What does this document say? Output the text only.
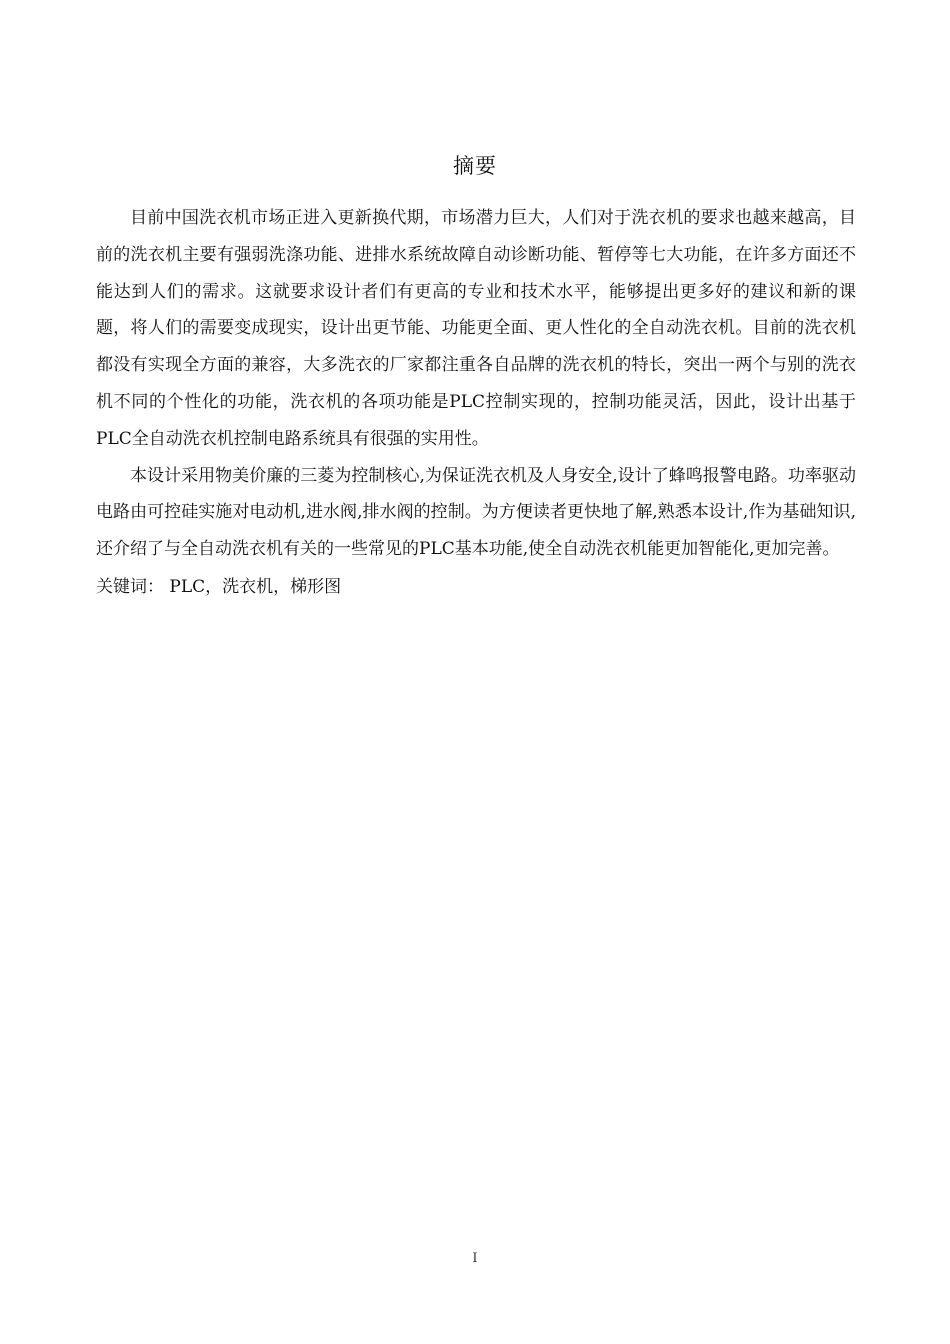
摘要

目前中国洗衣机市场正进入更新换代期，市场潜力巨大，人们对于洗衣机的要求也越来越高，目前的洗衣机主要有强弱洗涤功能、进排水系统故障自动诊断功能、暂停等七大功能，在许多方面还不能达到人们的需求。这就要求设计者们有更高的专业和技术水平，能够提出更多好的建议和新的课题，将人们的需要变成现实，设计出更节能、功能更全面、更人性化的全自动洗衣机。目前的洗衣机都没有实现全方面的兼容，大多洗衣的厂家都注重各自品牌的洗衣机的特长，突出一两个与别的洗衣机不同的个性化的功能，洗衣机的各项功能是PLC控制实现的，控制功能灵活，因此，设计出基于PLC全自动洗衣机控制电路系统具有很强的实用性。

本设计采用物美价廉的三菱为控制核心,为保证洗衣机及人身安全,设计了蜂鸣报警电路。功率驱动电路由可控硅实施对电动机,进水阀,排水阀的控制。为方便读者更快地了解,熟悉本设计,作为基础知识,还介绍了与全自动洗衣机有关的一些常见的PLC基本功能,使全自动洗衣机能更加智能化,更加完善。

关键词： PLC，洗衣机，梯形图

I
